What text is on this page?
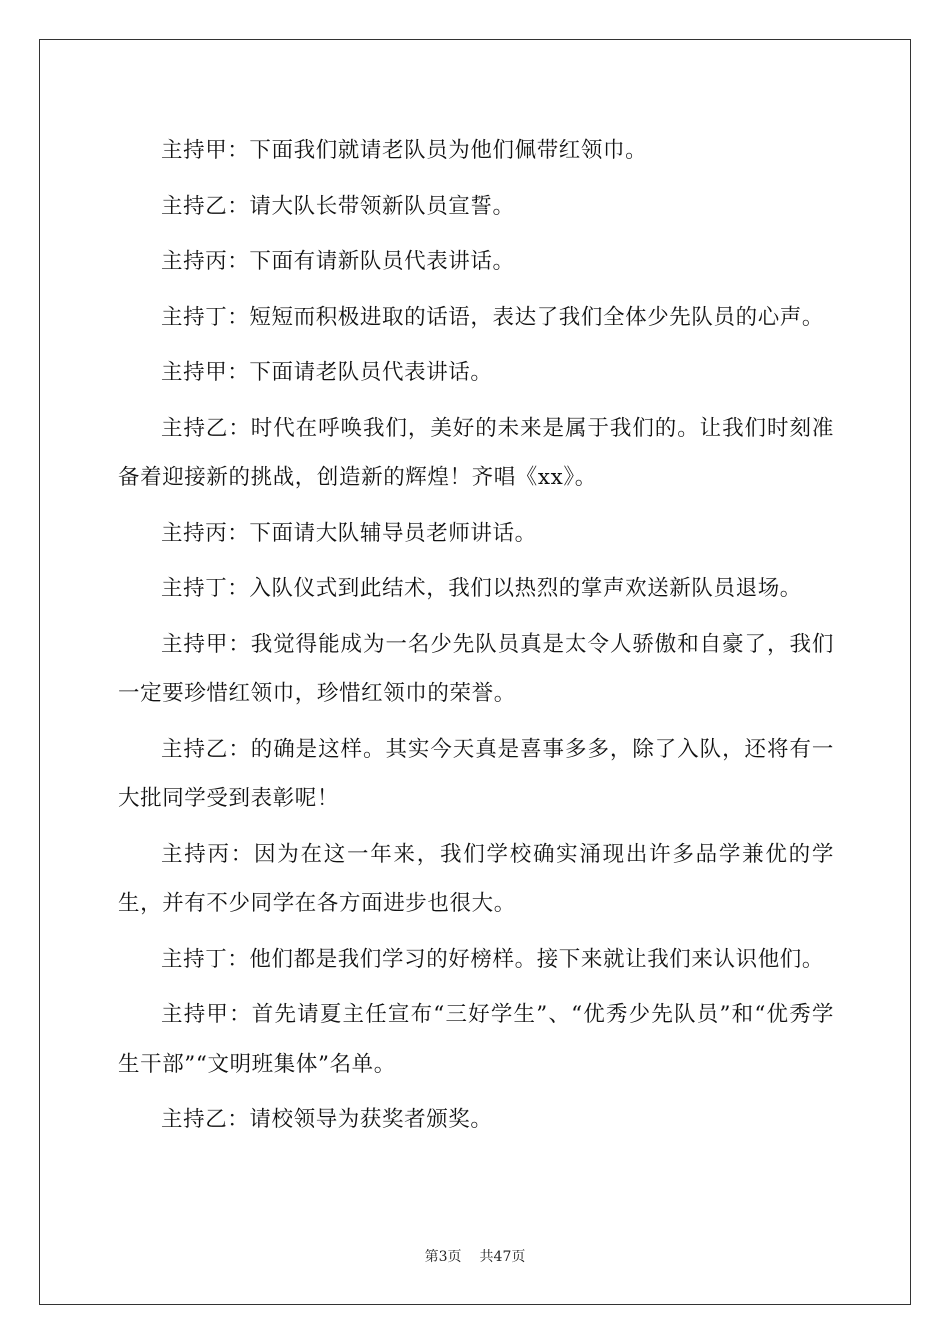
主持甲：下面我们就请老队员为他们佩带红领巾。

主持乙：请大队长带领新队员宣誓。

主持丙：下面有请新队员代表讲话。

主持丁：短短而积极进取的话语，表达了我们全体少先队员的心声。

主持甲：下面请老队员代表讲话。

主持乙：时代在呼唤我们，美好的未来是属于我们的。让我们时刻准备着迎接新的挑战，创造新的辉煌！齐唱《xx》。

主持丙：下面请大队辅导员老师讲话。

主持丁：入队仪式到此结术，我们以热烈的掌声欢送新队员退场。

主持甲：我觉得能成为一名少先队员真是太令人骄傲和自豪了，我们一定要珍惜红领巾，珍惜红领巾的荣誉。

主持乙：的确是这样。其实今天真是喜事多多，除了入队，还将有一大批同学受到表彰呢！

主持丙：因为在这一年来，我们学校确实涌现出许多品学兼优的学生，并有不少同学在各方面进步也很大。

主持丁：他们都是我们学习的好榜样。接下来就让我们来认识他们。

主持甲：首先请夏主任宣布“三好学生”、“优秀少先队员”和“优秀学生干部”“文明班集体”名单。

主持乙：请校领导为获奖者颁奖。

第3页 共47页
